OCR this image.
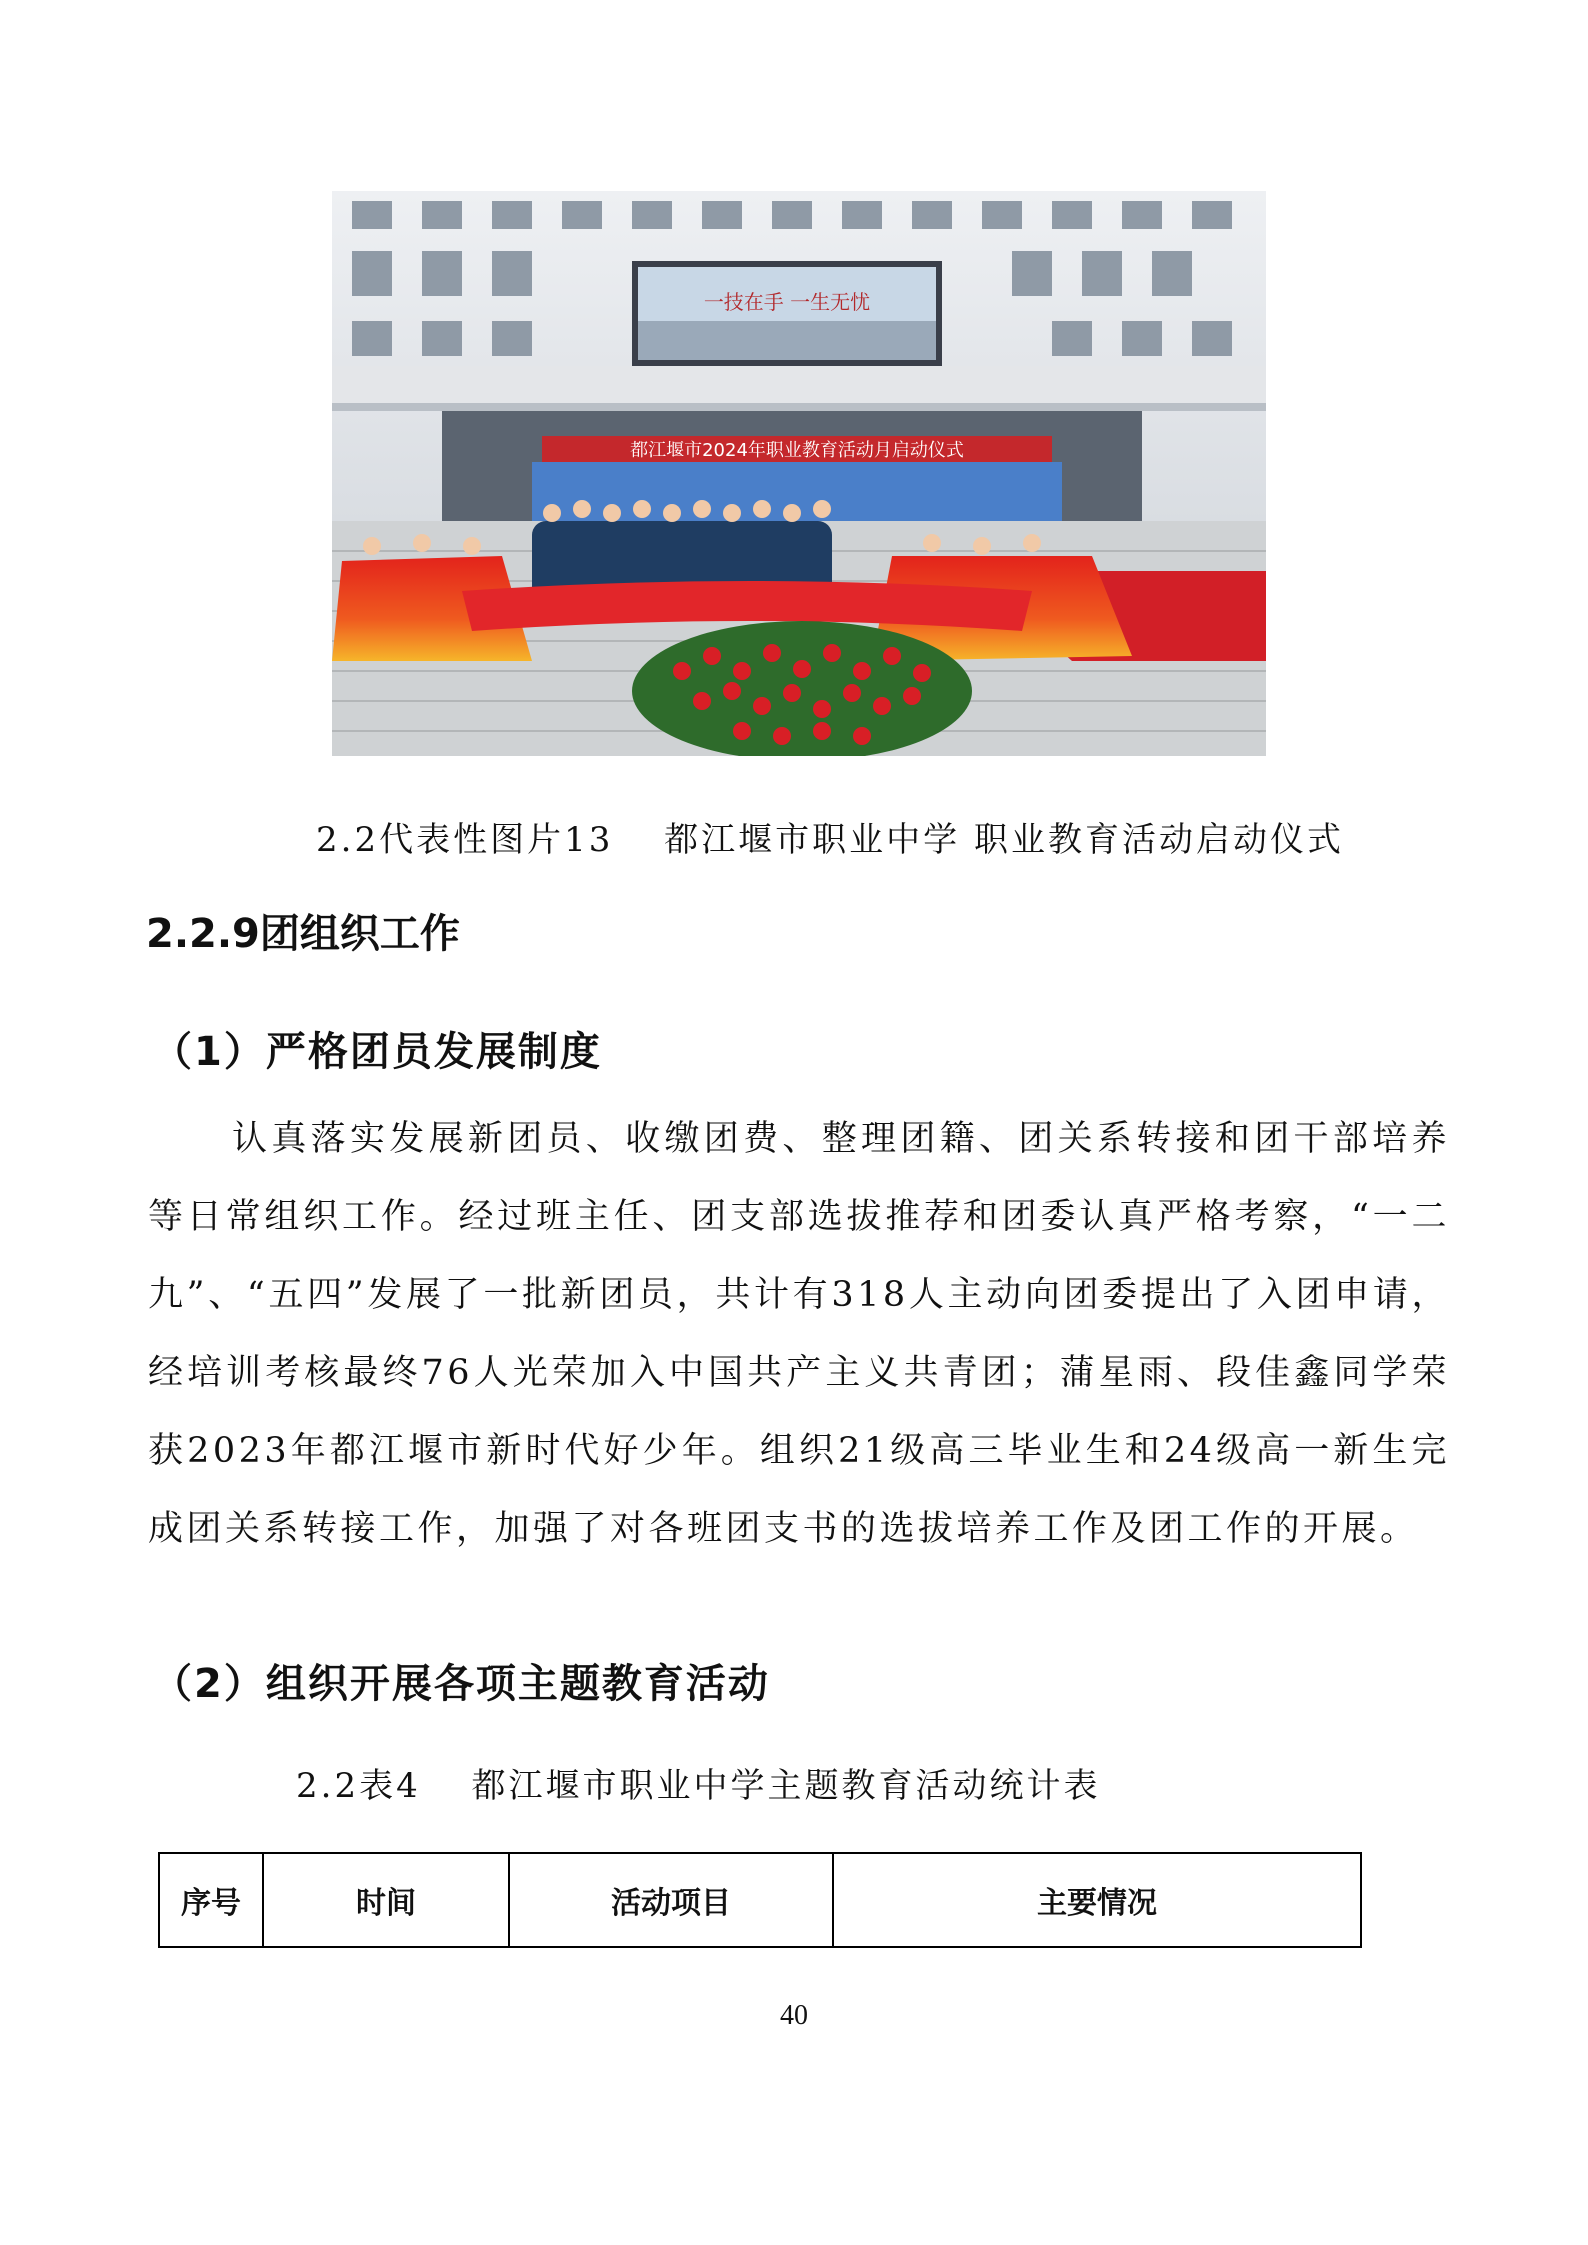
一技在手 一生无忧
都江堰市2024年职业教育活动月启动仪式
2.2代表性图片13　 都江堰市职业中学 职业教育活动启动仪式
2.2.9团组织工作
（1）严格团员发展制度

认真落实发展新团员、收缴团费、整理团籍、团关系转接和团干部培养等日常组织工作。经过班主任、团支部选拔推荐和团委认真严格考察，“一二九”、“五四”发展了一批新团员，共计有318人主动向团委提出了入团申请，经培训考核最终76人光荣加入中国共产主义共青团；蒲星雨、段佳鑫同学荣获2023年都江堰市新时代好少年。组织21级高三毕业生和24级高一新生完成团关系转接工作，加强了对各班团支书的选拔培养工作及团工作的开展。

（2）组织开展各项主题教育活动
2.2表4　 都江堰市职业中学主题教育活动统计表
序号	时间	活动项目	主要情况
40
